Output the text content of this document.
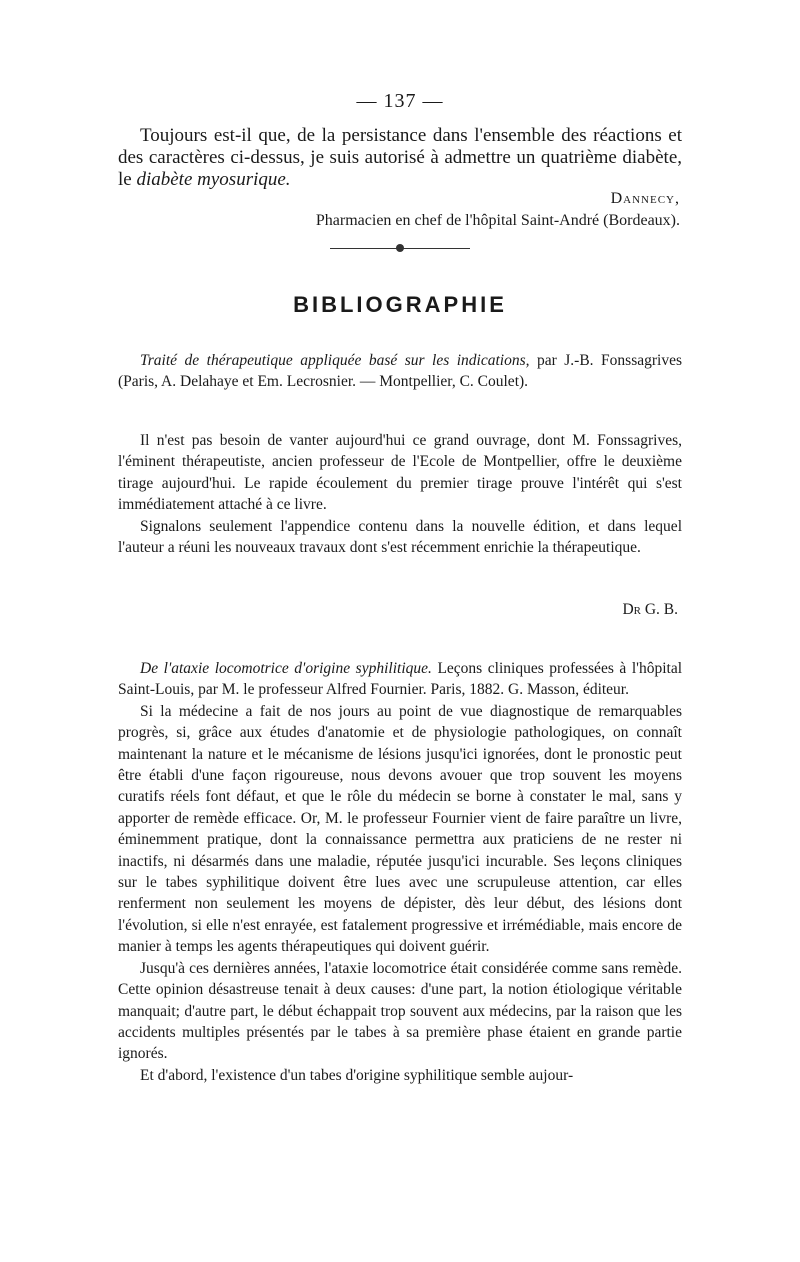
— 137 —
Toujours est-il que, de la persistance dans l'ensemble des réactions et des caractères ci-dessus, je suis autorisé à admettre un quatrième diabète, le diabète myosurique.
Dannecy,
Pharmacien en chef de l'hôpital Saint-André (Bordeaux).
BIBLIOGRAPHIE
Traité de thérapeutique appliquée basé sur les indications, par J.-B. Fonssagrives (Paris, A. Delahaye et Em. Lecrosnier. — Montpellier, C. Coulet).

Il n'est pas besoin de vanter aujourd'hui ce grand ouvrage, dont M. Fonssagrives, l'éminent thérapeutiste, ancien professeur de l'Ecole de Montpellier, offre le deuxième tirage aujourd'hui. Le rapide écoulement du premier tirage prouve l'intérêt qui s'est immédiatement attaché à ce livre.

Signalons seulement l'appendice contenu dans la nouvelle édition, et dans lequel l'auteur a réuni les nouveaux travaux dont s'est récemment enrichie la thérapeutique.

Dr G. B.

De l'ataxie locomotrice d'origine syphilitique. Leçons cliniques professées à l'hôpital Saint-Louis, par M. le professeur Alfred Fournier. Paris, 1882. G. Masson, éditeur.

Si la médecine a fait de nos jours au point de vue diagnostique de remarquables progrès, si, grâce aux études d'anatomie et de physiologie pathologiques, on connaît maintenant la nature et le mécanisme de lésions jusqu'ici ignorées, dont le pronostic peut être établi d'une façon rigoureuse, nous devons avouer que trop souvent les moyens curatifs réels font défaut, et que le rôle du médecin se borne à constater le mal, sans y apporter de remède efficace. Or, M. le professeur Fournier vient de faire paraître un livre, éminemment pratique, dont la connaissance permettra aux praticiens de ne rester ni inactifs, ni désarmés dans une maladie, réputée jusqu'ici incurable. Ses leçons cliniques sur le tabes syphilitique doivent être lues avec une scrupuleuse attention, car elles renferment non seulement les moyens de dépister, dès leur début, des lésions dont l'évolution, si elle n'est enrayée, est fatalement progressive et irrémédiable, mais encore de manier à temps les agents thérapeutiques qui doivent guérir.

Jusqu'à ces dernières années, l'ataxie locomotrice était considérée comme sans remède. Cette opinion désastreuse tenait à deux causes: d'une part, la notion étiologique véritable manquait; d'autre part, le début échappait trop souvent aux médecins, par la raison que les accidents multiples présentés par le tabes à sa première phase étaient en grande partie ignorés.

Et d'abord, l'existence d'un tabes d'origine syphilitique semble aujour-
